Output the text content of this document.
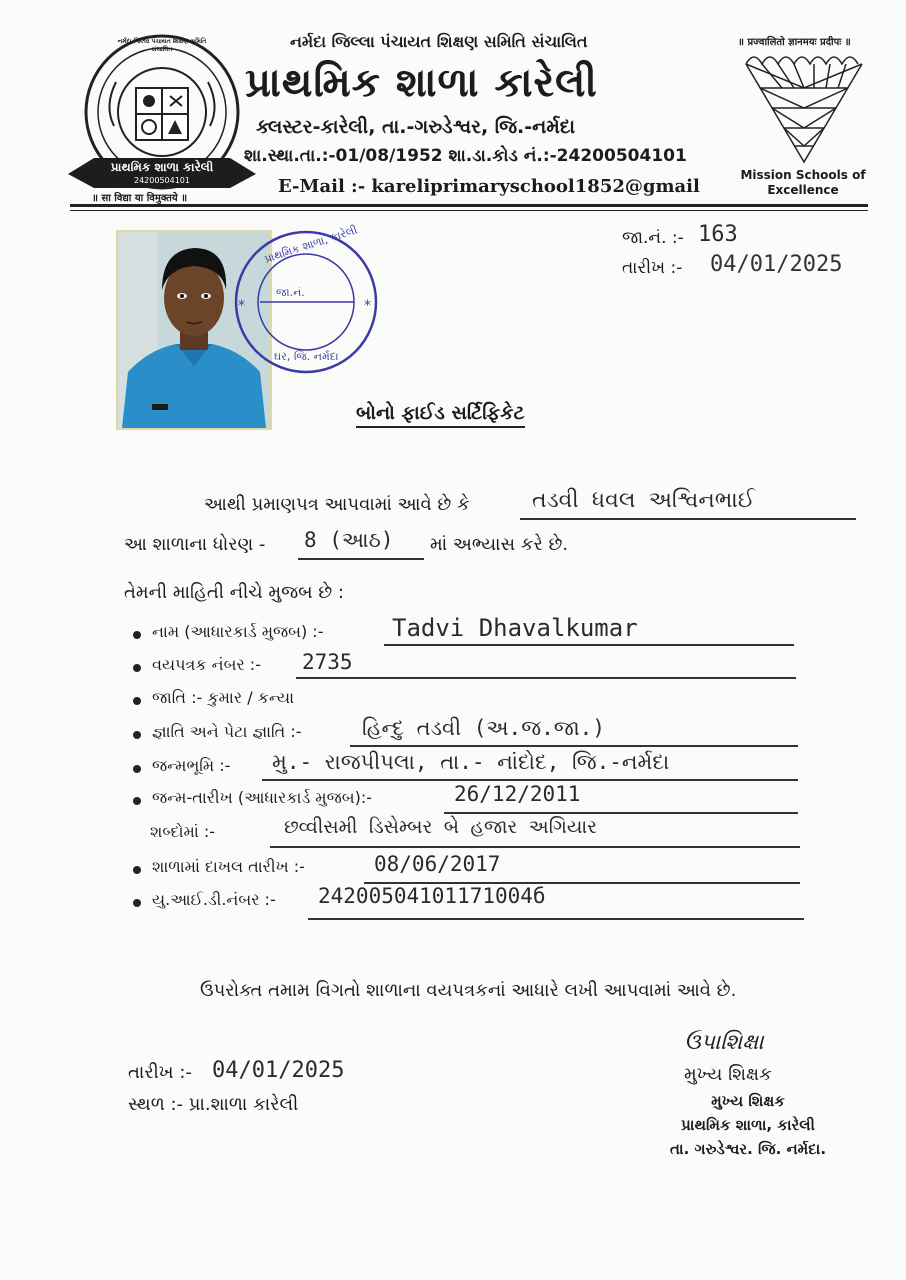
નર્મદા જિલ્લા પંચાયત શિક્ષણ સમિતિ સંચાલિત
પ્રાથમિક શાળા કારેલી
24200504101
નર્મદા જિલ્લા પંચાયત શિક્ષણ સમિતિ સંચાલિત
પ્રાથમિક શાળા કારેલી
ક્લસ્ટર-કારેલી, તા.-ગરુડેશ્વર, જિ.-નર્મદા
શા.સ્થા.તા.:-01/08/1952 શા.ડા.કોડ નં.:-24200504101
E-Mail :- kareliprimaryschool1852@gmail
॥ प्रज्वालितो ज्ञानमयः प्रदीपः ॥
॥ सा विद्या या विमुक्तये ॥
Mission Schools of Excellence
જા.નં. :- 163
તારીખ :- 04/01/2025
*	*
પ્રાથમિક શાળા, કારેલી
જા.નં.
ઘર, જિ. નર્મદા
બોનો ફાઈડ સર્ટિફિકેટ
આથી પ્રમાણપત્ર આપવામાં આવે છે કે	તડવી ધવલ અશ્વિનભાઈ
આ શાળાના ધોરણ - 8 (આઠ) માં અભ્યાસ કરે છે.
તેમની માહિતી નીચે મુજબ છે :
નામ (આધારકાર્ડ મુજબ) :-	Tadvi Dhavalkumar
વયપત્રક નંબર :- 2735
જાતિ :- કુમાર / કન્યા
જ્ઞાતિ અને પેટા જ્ઞાતિ :-	હિન્દુ તડવી (અ.જ.જા.)
જન્મભૂમિ :- મુ.- રાજપીપલા, તા.- નાંદોદ, જિ.-નર્મદા
જન્મ-તારીખ (આધારકાર્ડ મુજબ):-	26/12/2011
શબ્દોમાં :-	છવ્વીસમી ડિસેમ્બર બે હજાર અગિયાર
શાળામાં દાખલ તારીખ :-	08/06/2017
યુ.આઈ.ડી.નંબર :- 24200504101171004б
ઉપરોક્ત તમામ વિગતો શાળાના વયપત્રકનાં આધારે લખી આપવામાં આવે છે.
તારીખ :- 04/01/2025
સ્થળ :- પ્રા.શાળા કારેલી
ઉપાશિક્ષા
મુખ્ય શિક્ષક
મુખ્ય શિક્ષક
પ્રાથમિક શાળા, કારેલી
તા. ગરુડેશ્વર. જિ. નર્મદા.
